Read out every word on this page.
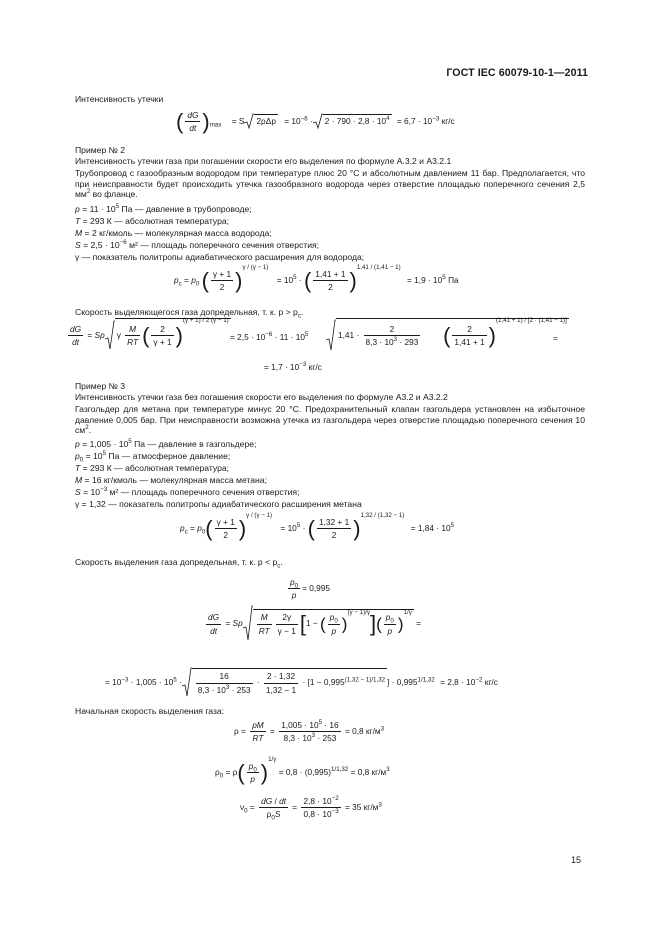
ГОСТ IEC 60079-10-1—2011
Интенсивность утечки
( $\frac{dG}{dt} )_{max} = S$ $2\rho\Delta p = 10^{-6} \cdot 2 \cdot 790 \cdot 2,8 \cdot 10^4 = 6,7 \cdot 10^{-3}$ кг/с
Пример № 2
Интенсивность утечки газа при погашении скорости его выделения по формуле А.3.2 и А3.2.1
Трубопровод с газообразным водородом при температуре плюс 20 °С и абсолютным давлением 11 бар. Предполагается, что при неисправности будет происходить утечка газообразного водорода через отверстие площадью поперечного сечения 2,5 $мм^2$ во фланце.
$p = 11 \cdot 10^5$ Па — давление в трубопроводе;
T = 293 К — абсолютная температура;
M = 2 кг/кмоль — молекулярная масса водорода;
$S = 2,5 \cdot 10^{-6}$ м² — площадь поперечного сечения отверстия;
γ — показатель политропы адиабатического расширения для водорода;
$p_c = p_0$ ( $\frac{\gamma + 1}{2} )^{\gamma / (\gamma - 1)} = 10^5$ · ( $\frac{1,41 + 1}{2} )^{1,41 / (1,41 - 1)} = 1,9 \cdot 10^5$ Па
Скорость выделяющегося газа допредельная, т. к. $p > p_c$.
$\frac{dG}{dt} = Sp$ γ $\frac{M}{RT}$ ( $\frac{2}{\gamma + 1} )^{(\gamma + 1) / 2 (\gamma - 1)}$
= $2,5 \cdot 10^{-6} \cdot 11 \cdot 10^5$	$1,41 \cdot \frac{2}{8,3 \cdot 10^3 \cdot 293}$ ( $\frac{2}{1,41 + 1} )^{(1,41 + 1) / [2 \cdot (1,41 - 1)]}$
=
= $1,7 \cdot 10^{-3}$ кг/с
Пример № 3
Интенсивность утечки газа без погашения скорости его выделения по формуле А3.2 и А3.2.2
Газгольдер для метана при температуре минус 20 °С. Предохранительный клапан газгольдера установлен на избыточное давление 0,005 бар. При неисправности возможна утечка из газгольдера через отверстие площадью поперечного сечения 10 $см^2$.
$p = 1,005 \cdot 10^5$ Па — давление в газгольдере;
$p_0 = 10^5$ Па — атмосферное давление;
T = 293 К — абсолютная температура;
M = 16 кг/кмоль — молекулярная масса метана;
$S = 10^{-3}$ м² — площадь поперечного сечения отверстия;
γ = 1,32 — показатель политропы адиабатического расширения метана
$p_c = p_0( \frac{\gamma + 1}{2} )^{\gamma / (\gamma - 1)} = 10^5$ · ( $\frac{1,32 + 1}{2} )^{1,32 / (1,32 - 1)} = 1,84 \cdot 10^5$
Скорость выделения газа допредельная, т. к. $p < p_c$.
$\frac{p_0}{p} = 0,995$
$\frac{dG}{dt} = Sp \frac{M}{RT} \frac{2\gamma}{\gamma - 1} [1$ − ( $\frac{p_0}{p} )^{(\gamma - 1)/\gamma}]( \frac{p_0}{p} )^{1/\gamma}$ =
= $10^{-3} \cdot 1,005 \cdot 10^5 \cdot \frac{16}{8,3 \cdot 10^3 \cdot 253} \cdot \frac{2 \cdot 1,32}{1,32 - 1} \cdot [1 - 0,995^{(1,32 - 1)/1,32}$ ] · $0,995^{1/1,32} = 2,8 \cdot 10^{-2}$ кг/с
Начальная скорость выделения газа:
$\rho = \frac{pM}{RT} = \frac{1,005 \cdot 10^5 \cdot 16}{8,3 \cdot 10^3 \cdot 253} = 0,8$ $кг/м^3$
$\rho_0 = \rho( \frac{p_0}{p} )^{1/\gamma} = 0,8 \cdot (0,995)^{1/1,32} = 0,8$ $кг/м^3$
$\nu_0 = \frac{dG / dt}{\rho_0S} = \frac{2,8 \cdot 10^{-2}}{0,8 \cdot 10^{-3}} = 35$ $кг/м^3$
15
